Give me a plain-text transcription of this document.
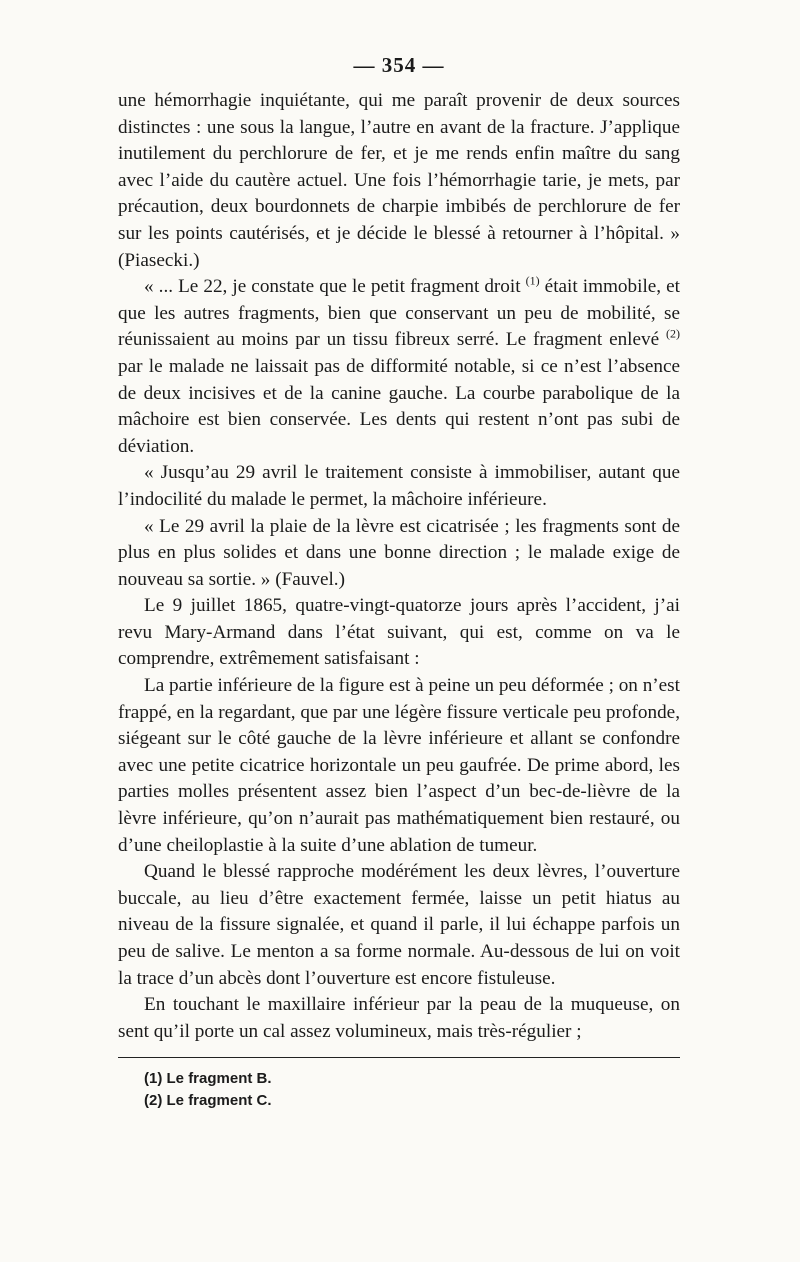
— 354 —

une hémorrhagie inquiétante, qui me paraît provenir de deux sources distinctes : une sous la langue, l’autre en avant de la fracture. J’applique inutilement du perchlorure de fer, et je me rends enfin maître du sang avec l’aide du cautère actuel. Une fois l’hémorrhagie tarie, je mets, par précaution, deux bourdonnets de charpie imbibés de perchlorure de fer sur les points cautérisés, et je décide le blessé à retourner à l’hôpital. » (Piasecki.)

« ... Le 22, je constate que le petit fragment droit $^{(1)}$ était immobile, et que les autres fragments, bien que conservant un peu de mobilité, se réunissaient au moins par un tissu fibreux serré. Le fragment enlevé $^{(2)}$ par le malade ne laissait pas de difformité notable, si ce n’est l’absence de deux incisives et de la canine gauche. La courbe parabolique de la mâchoire est bien conservée. Les dents qui restent n’ont pas subi de déviation.

« Jusqu’au 29 avril le traitement consiste à immobiliser, autant que l’indocilité du malade le permet, la mâchoire inférieure.

« Le 29 avril la plaie de la lèvre est cicatrisée ; les fragments sont de plus en plus solides et dans une bonne direction ; le malade exige de nouveau sa sortie. » (Fauvel.)

Le 9 juillet 1865, quatre-vingt-quatorze jours après l’accident, j’ai revu Mary-Armand dans l’état suivant, qui est, comme on va le comprendre, extrêmement satisfaisant :

La partie inférieure de la figure est à peine un peu déformée ; on n’est frappé, en la regardant, que par une légère fissure verticale peu profonde, siégeant sur le côté gauche de la lèvre inférieure et allant se confondre avec une petite cicatrice horizontale un peu gaufrée. De prime abord, les parties molles présentent assez bien l’aspect d’un bec-de-lièvre de la lèvre inférieure, qu’on n’aurait pas mathématiquement bien restauré, ou d’une cheiloplastie à la suite d’une ablation de tumeur.

Quand le blessé rapproche modérément les deux lèvres, l’ouverture buccale, au lieu d’être exactement fermée, laisse un petit hiatus au niveau de la fissure signalée, et quand il parle, il lui échappe parfois un peu de salive. Le menton a sa forme normale. Au-dessous de lui on voit la trace d’un abcès dont l’ouverture est encore fistuleuse.

En touchant le maxillaire inférieur par la peau de la muqueuse, on sent qu’il porte un cal assez volumineux, mais très-régulier ;

(1) Le fragment B.
(2) Le fragment C.
